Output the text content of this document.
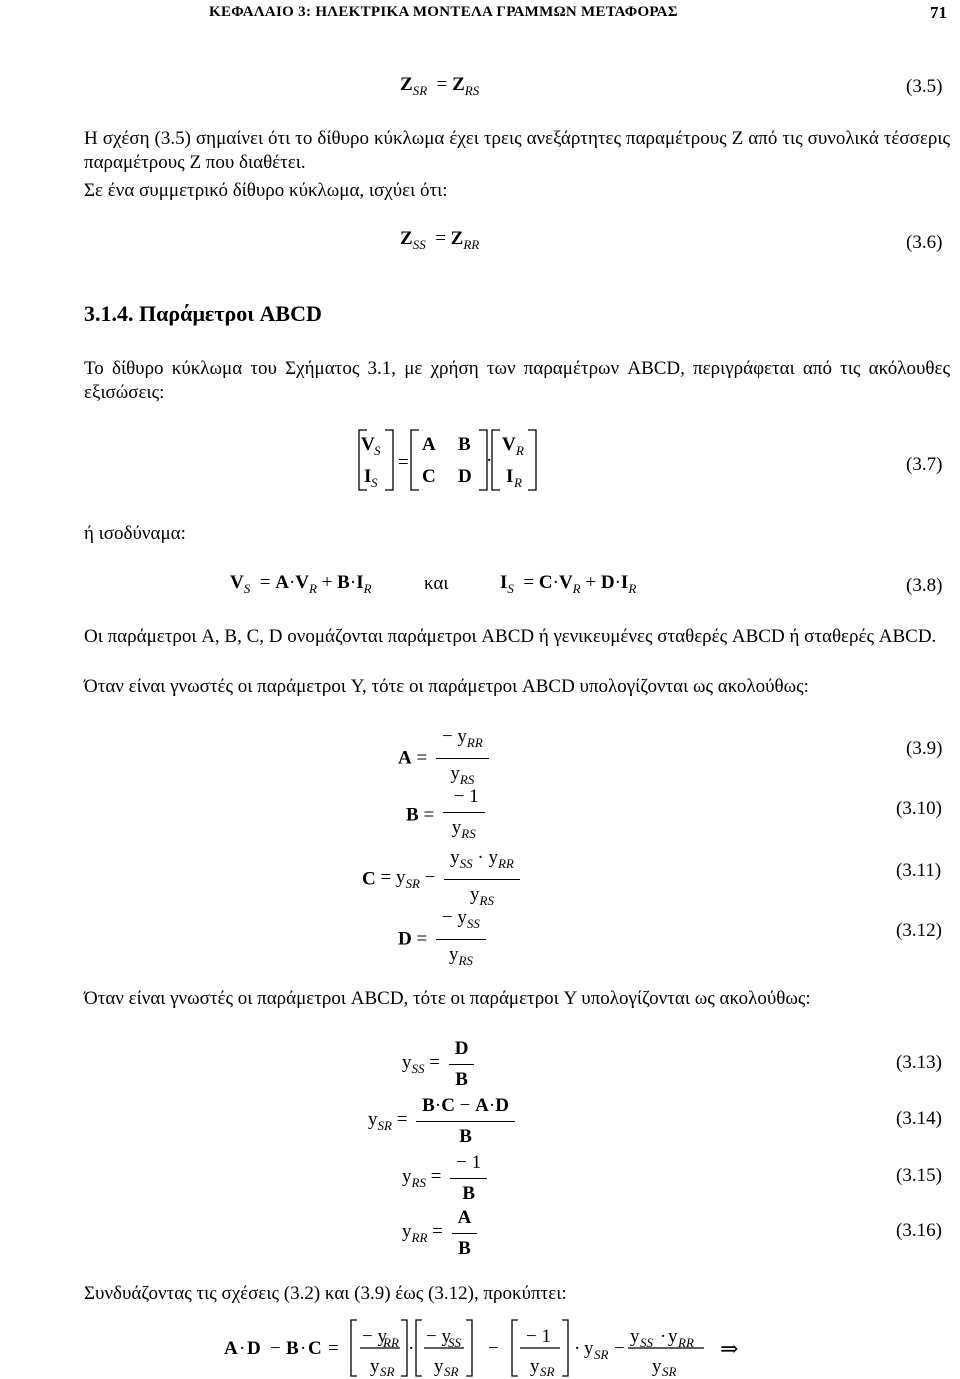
ΚΕΦΑΛΑΙΟ 3: ΗΛΕΚΤΡΙΚΑ ΜΟΝΤΕΛΑ ΓΡΑΜΜΩΝ ΜΕΤΑΦΟΡΑΣ	71
$Z_{SR} = Z_{RS}$	(3.5)
Η σχέση (3.5) σημαίνει ότι το δίθυρο κύκλωμα έχει τρεις ανεξάρτητες παραμέτρους Z από τις συνολικά τέσσερις παραμέτρους Z που διαθέτει.
Σε ένα συμμετρικό δίθυρο κύκλωμα, ισχύει ότι:
$Z_{SS} = Z_{RR}$	(3.6)
3.1.4. Παράμετροι ABCD
Το δίθυρο κύκλωμα του Σχήματος 3.1, με χρήση των παραμέτρων ABCD, περιγράφεται από τις ακόλουθες εξισώσεις:
V S
I S
=
A B
C D
·
V R
I R
(3.7)
ή ισοδύναμα:
$V_S = A\cdot V_R + B\cdot I_R$	και	$I_S = C\cdot V_R + D\cdot I_R$	(3.8)
Οι παράμετροι A, B, C, D ονομάζονται παράμετροι ABCD ή γενικευμένες σταθερές ABCD ή σταθερές ABCD.
Όταν είναι γνωστές οι παράμετροι Y, τότε οι παράμετροι ABCD υπολογίζονται ως ακολούθως:
$A = \frac{- y_{RR}}{y_{RS}}$	(3.9)
$B = \frac{- 1}{y_{RS}}$	(3.10)
$C = y_{SR} - \frac{y_{SS} \cdot y_{RR}}{y_{RS}}$	(3.11)
$D = \frac{- y_{SS}}{y_{RS}}$	(3.12)
Όταν είναι γνωστές οι παράμετροι ABCD, τότε οι παράμετροι Y υπολογίζονται ως ακολούθως:
$y_{SS} = \frac{D}{B}$	(3.13)
$y_{SR} = \frac{B\cdot C - A\cdot D}{B}$	(3.14)
$y_{RS} = \frac{- 1}{B}$	(3.15)
$y_{RR} = \frac{A}{B}$	(3.16)
Συνδυάζοντας τις σχέσεις (3.2) και (3.9) έως (3.12), προκύπτει:
A · D − B · C =
− y
RR
y SR
·
− y
SS
y SR
−
− 1
y SR
· y SR −
y SS · y RR
y SR
⇒
